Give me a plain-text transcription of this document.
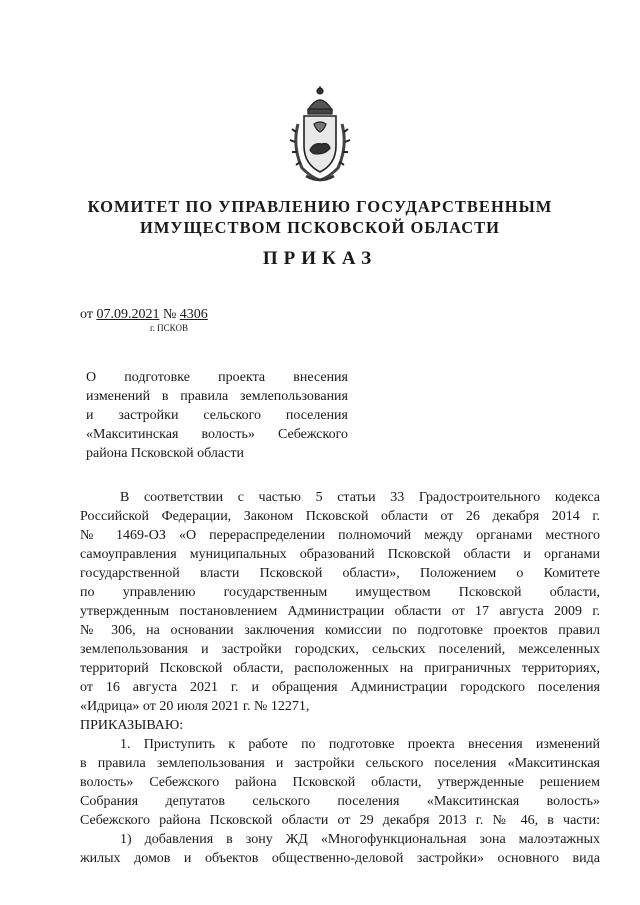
КОМИТЕТ ПО УПРАВЛЕНИЮ ГОСУДАРСТВЕННЫМ
ИМУЩЕСТВОМ ПСКОВСКОЙ ОБЛАСТИ
ПРИКАЗ
от 07.09.2021 № 4306
г. ПСКОВ
О подготовке проекта внесения
изменений в правила землепользования
и застройки сельского поселения
«Макситинская волость» Себежского
района Псковской области
В соответствии с частью 5 статьи 33 Градостроительного кодекса
Российской Федерации, Законом Псковской области от 26 декабря 2014 г.
№ 1469-ОЗ «О перераспределении полномочий между органами местного
самоуправления муниципальных образований Псковской области и органами
государственной власти Псковской области», Положением о Комитете
по управлению государственным имуществом Псковской области,
утвержденным постановлением Администрации области от 17 августа 2009 г.
№ 306, на основании заключения комиссии по подготовке проектов правил
землепользования и застройки городских, сельских поселений, межселенных
территорий Псковской области, расположенных на приграничных территориях,
от 16 августа 2021 г. и обращения Администрации городского поселения
«Идрица» от 20 июля 2021 г. № 12271,
ПРИКАЗЫВАЮ:
1. Приступить к работе по подготовке проекта внесения изменений
в правила землепользования и застройки сельского поселения «Макситинская
волость» Себежского района Псковской области, утвержденные решением
Собрания депутатов сельского поселения «Макситинская волость»
Себежского района Псковской области от 29 декабря 2013 г. № 46, в части:
1) добавления в зону ЖД «Многофункциональная зона малоэтажных
жилых домов и объектов общественно-деловой застройки» основного вида
